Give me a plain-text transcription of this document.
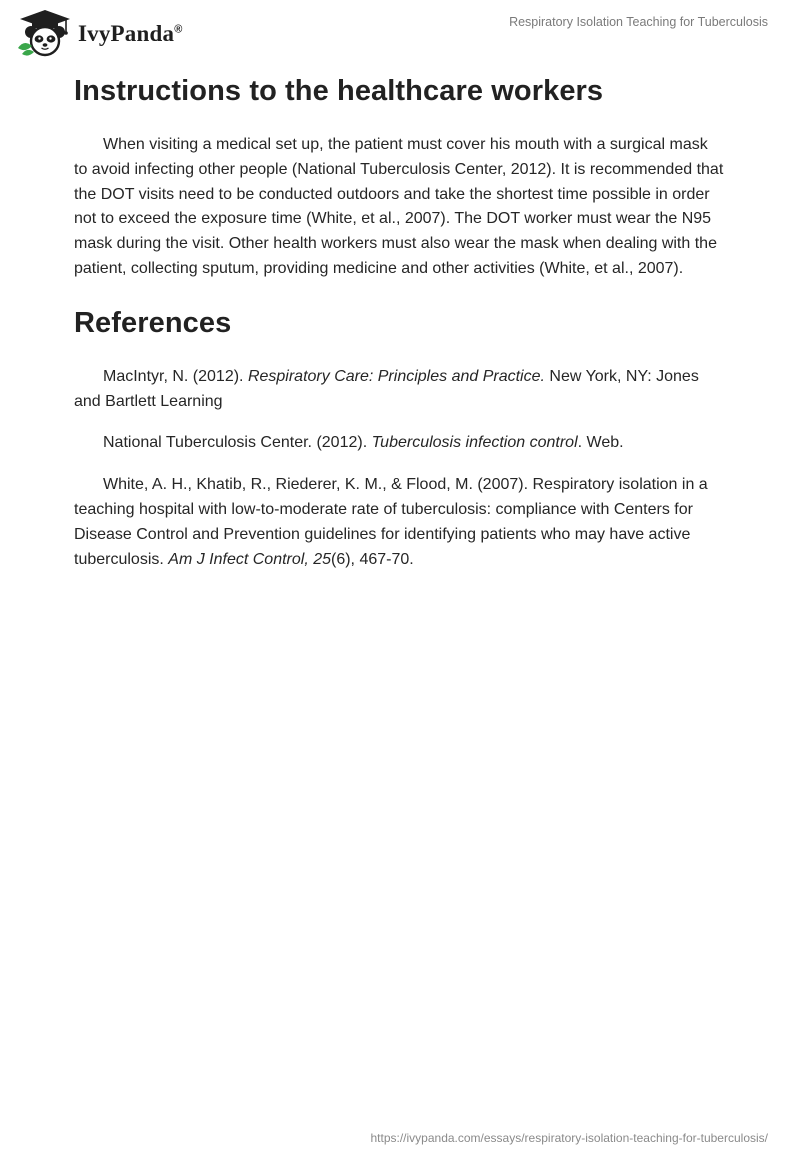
IvyPanda®
Respiratory Isolation Teaching for Tuberculosis
Instructions to the healthcare workers

When visiting a medical set up, the patient must cover his mouth with a surgical mask to avoid infecting other people (National Tuberculosis Center, 2012). It is recommended that the DOT visits need to be conducted outdoors and take the shortest time possible in order not to exceed the exposure time (White, et al., 2007). The DOT worker must wear the N95 mask during the visit. Other health workers must also wear the mask when dealing with the patient, collecting sputum, providing medicine and other activities (White, et al., 2007).

References

MacIntyr, N. (2012). Respiratory Care: Principles and Practice. New York, NY: Jones and Bartlett Learning

National Tuberculosis Center. (2012). Tuberculosis infection control. Web.

White, A. H., Khatib, R., Riederer, K. M., & Flood, M. (2007). Respiratory isolation in a teaching hospital with low-to-moderate rate of tuberculosis: compliance with Centers for Disease Control and Prevention guidelines for identifying patients who may have active tuberculosis. Am J Infect Control, 25(6), 467-70.

https://ivypanda.com/essays/respiratory-isolation-teaching-for-tuberculosis/
